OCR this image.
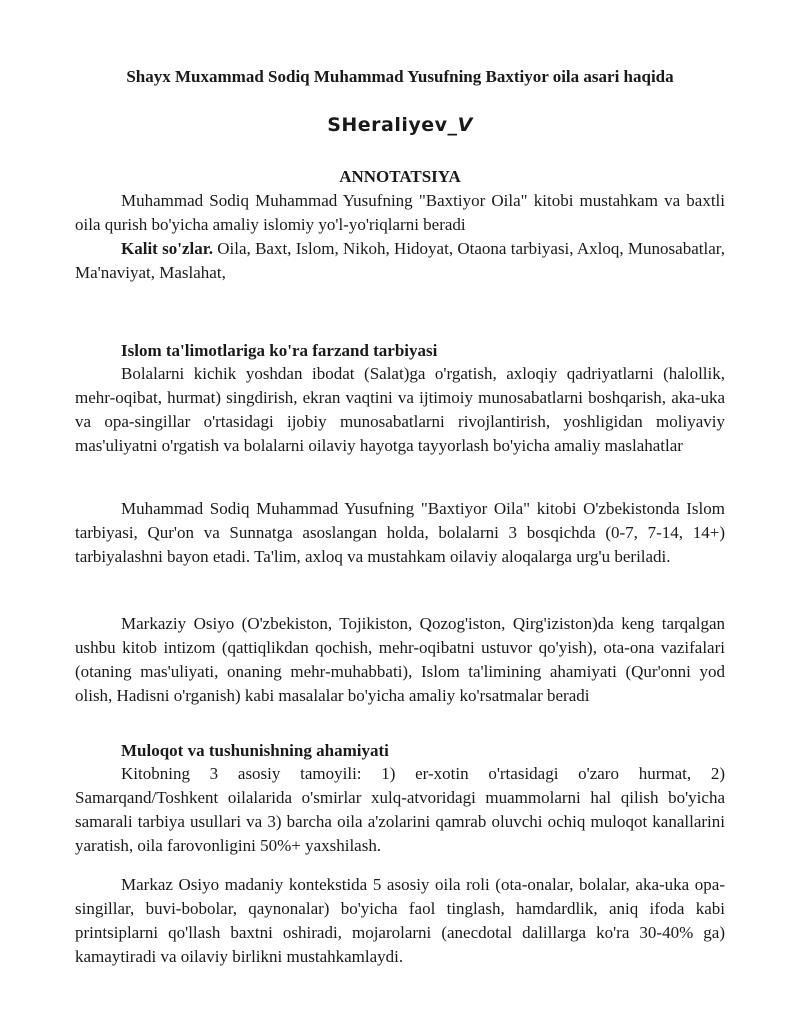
Shayx Muxammad Sodiq Muhammad Yusufning Baxtiyor oila asari haqida
SHeraliyev_V
ANNOTATSIYA

Muhammad Sodiq Muhammad Yusufning "Baxtiyor Oila" kitobi mustahkam va baxtli oila qurish bo'yicha amaliy islomiy yo'l-yo'riqlarni beradi

Kalit so'zlar. Oila, Baxt, Islom, Nikoh, Hidoyat, Otaona tarbiyasi, Axloq, Munosabatlar, Ma'naviyat, Maslahat,

Islom ta'limotlariga ko'ra farzand tarbiyasi

Bolalarni kichik yoshdan ibodat (Salat)ga o'rgatish, axloqiy qadriyatlarni (halollik, mehr-oqibat, hurmat) singdirish, ekran vaqtini va ijtimoiy munosabatlarni boshqarish, aka-uka va opa-singillar o'rtasidagi ijobiy munosabatlarni rivojlantirish, yoshligidan moliyaviy mas'uliyatni o'rgatish va bolalarni oilaviy hayotga tayyorlash bo'yicha amaliy maslahatlar

Muhammad Sodiq Muhammad Yusufning "Baxtiyor Oila" kitobi O'zbekistonda Islom tarbiyasi, Qur'on va Sunnatga asoslangan holda, bolalarni 3 bosqichda (0-7, 7-14, 14+) tarbiyalashni bayon etadi. Ta'lim, axloq va mustahkam oilaviy aloqalarga urg'u beriladi.

Markaziy Osiyo (O'zbekiston, Tojikiston, Qozog'iston, Qirg'iziston)da keng tarqalgan ushbu kitob intizom (qattiqlikdan qochish, mehr-oqibatni ustuvor qo'yish), ota-ona vazifalari (otaning mas'uliyati, onaning mehr-muhabbati), Islom ta'limining ahamiyati (Qur'onni yod olish, Hadisni o'rganish) kabi masalalar bo'yicha amaliy ko'rsatmalar beradi

Muloqot va tushunishning ahamiyati

Kitobning 3 asosiy tamoyili: 1) er-xotin o'rtasidagi o'zaro hurmat, 2) Samarqand/Toshkent oilalarida o'smirlar xulq-atvoridagi muammolarni hal qilish bo'yicha samarali tarbiya usullari va 3) barcha oila a'zolarini qamrab oluvchi ochiq muloqot kanallarini yaratish, oila farovonligini 50%+ yaxshilash.

Markaz Osiyo madaniy kontekstida 5 asosiy oila roli (ota-onalar, bolalar, aka-uka opa-singillar, buvi-bobolar, qaynonalar) bo'yicha faol tinglash, hamdardlik, aniq ifoda kabi printsiplarni qo'llash baxtni oshiradi, mojarolarni (anecdotal dalillarga ko'ra 30-40% ga) kamaytiradi va oilaviy birlikni mustahkamlaydi.
